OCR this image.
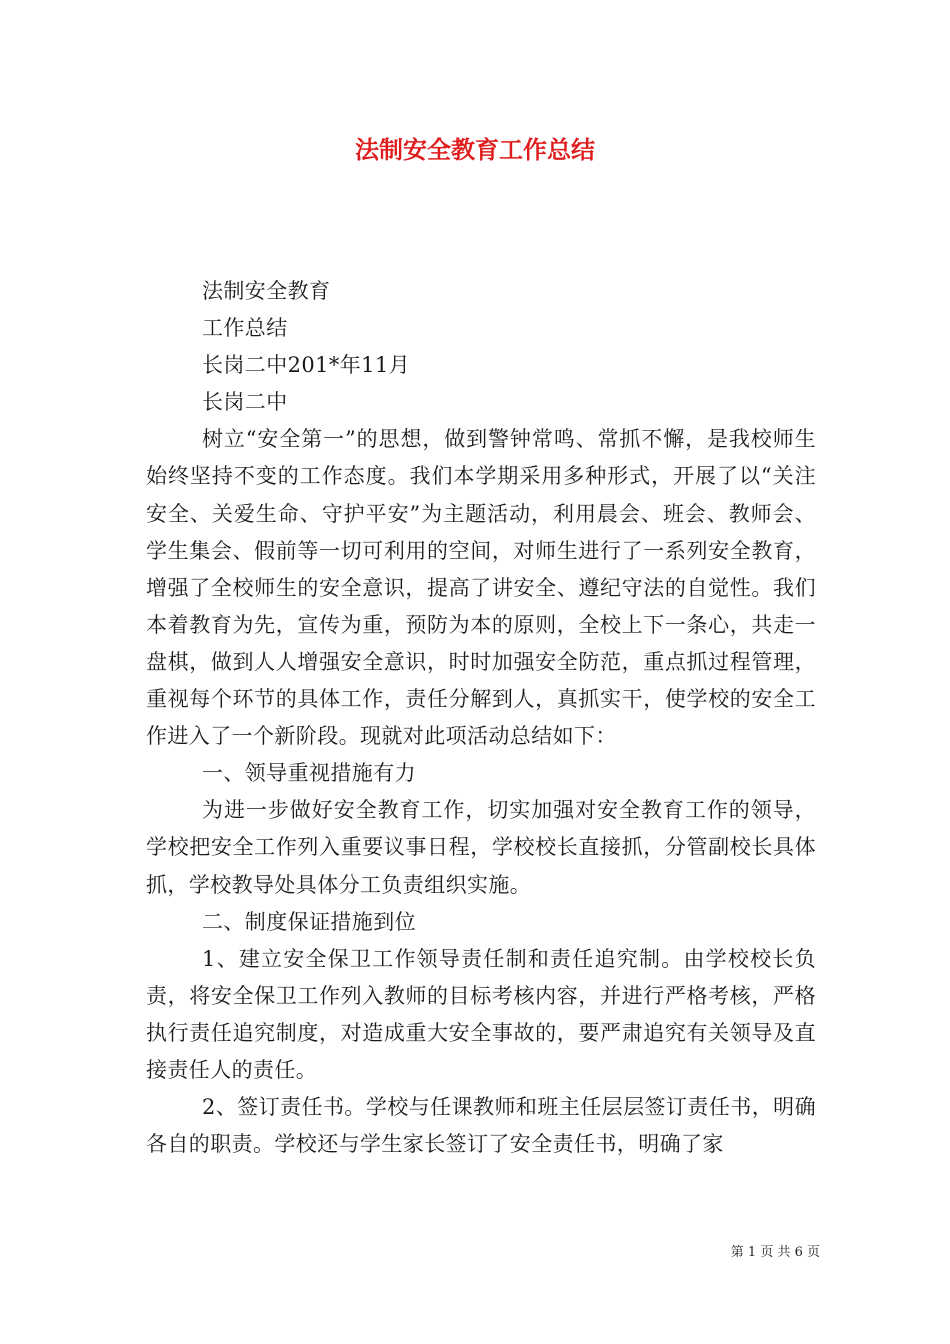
法制安全教育工作总结

法制安全教育

工作总结

长岗二中201*年11月

长岗二中

树立“安全第一”的思想，做到警钟常鸣、常抓不懈，是我校师生始终坚持不变的工作态度。我们本学期采用多种形式，开展了以“关注安全、关爱生命、守护平安”为主题活动，利用晨会、班会、教师会、学生集会、假前等一切可利用的空间，对师生进行了一系列安全教育，增强了全校师生的安全意识，提高了讲安全、遵纪守法的自觉性。我们本着教育为先，宣传为重，预防为本的原则，全校上下一条心，共走一盘棋，做到人人增强安全意识，时时加强安全防范，重点抓过程管理，重视每个环节的具体工作，责任分解到人，真抓实干，使学校的安全工作进入了一个新阶段。现就对此项活动总结如下：

一、领导重视措施有力

为进一步做好安全教育工作，切实加强对安全教育工作的领导，学校把安全工作列入重要议事日程，学校校长直接抓，分管副校长具体抓，学校教导处具体分工负责组织实施。

二、制度保证措施到位

1、建立安全保卫工作领导责任制和责任追究制。由学校校长负责，将安全保卫工作列入教师的目标考核内容，并进行严格考核，严格执行责任追究制度，对造成重大安全事故的，要严肃追究有关领导及直接责任人的责任。

2、签订责任书。学校与任课教师和班主任层层签订责任书，明确各自的职责。学校还与学生家长签订了安全责任书，明确了家

第 1 页 共 6 页
